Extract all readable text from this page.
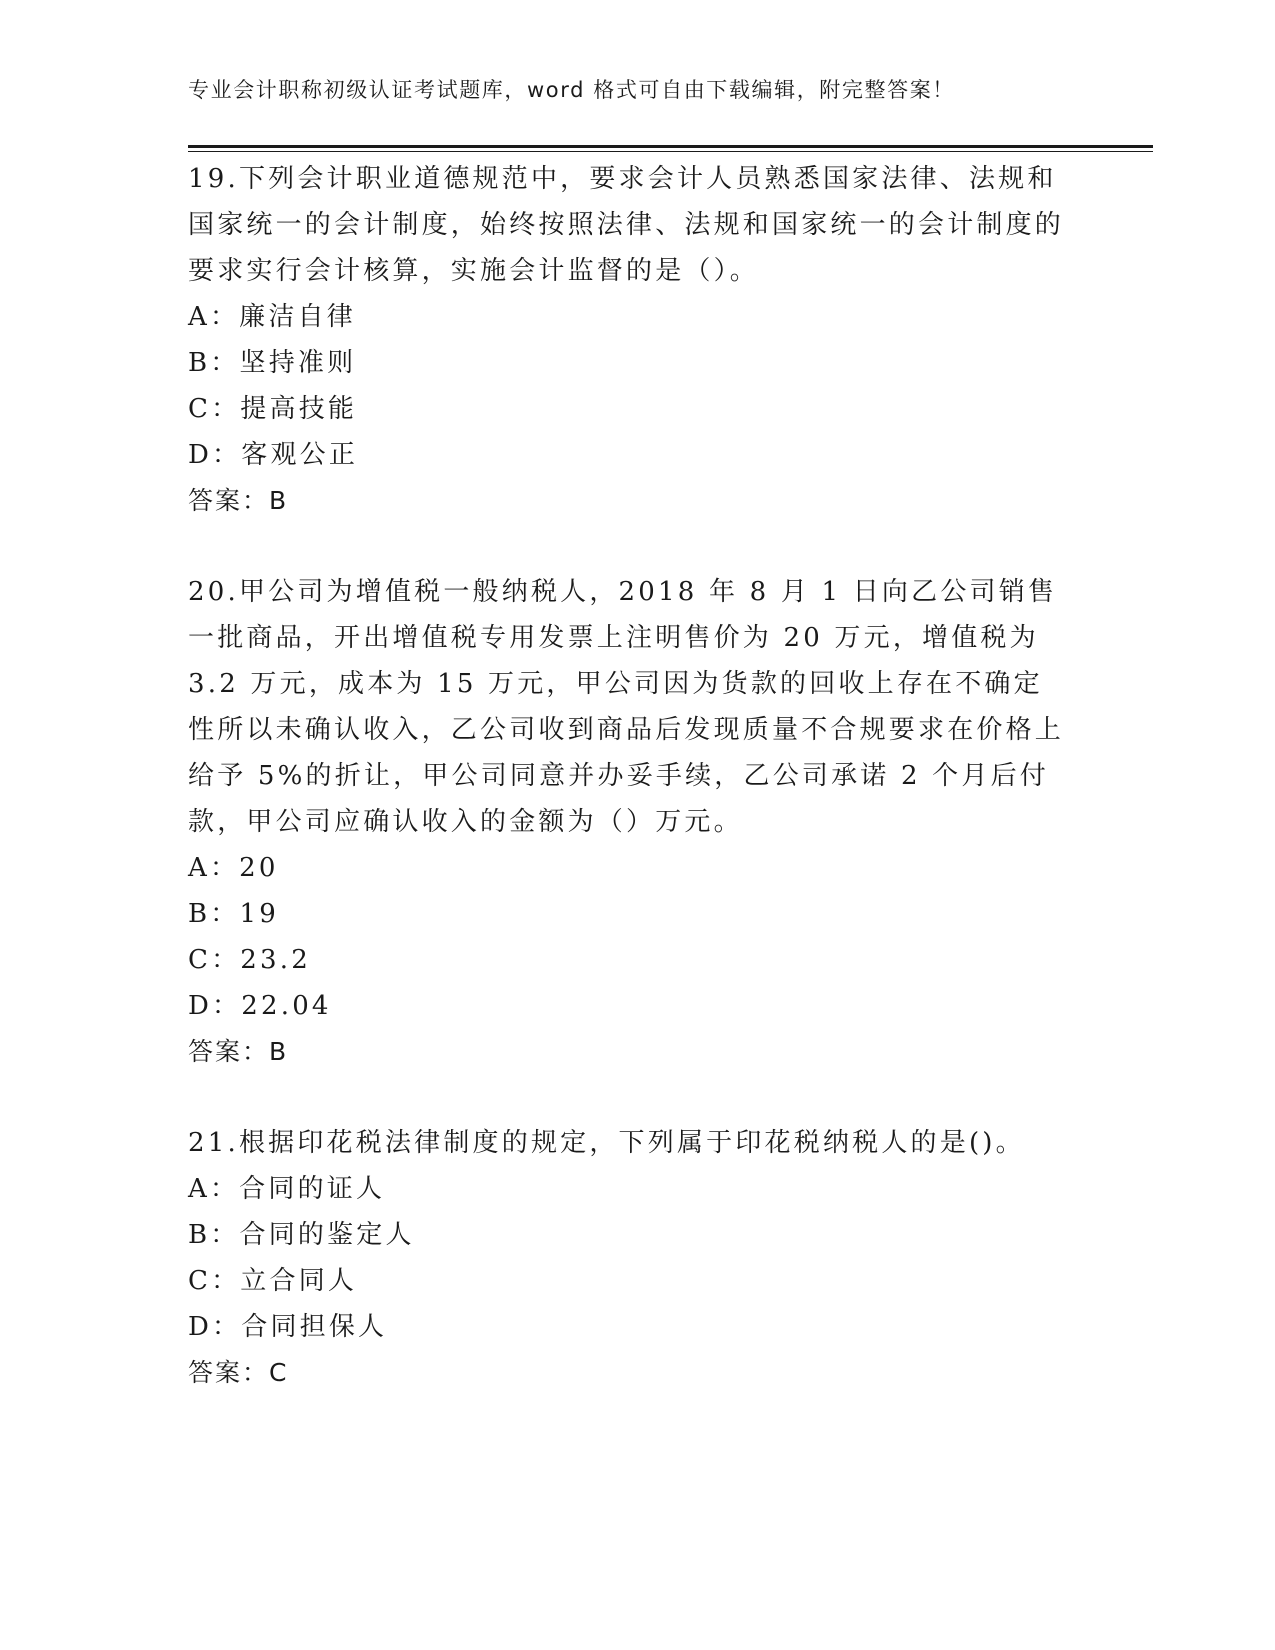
专业会计职称初级认证考试题库，word 格式可自由下载编辑，附完整答案！

19.下列会计职业道德规范中，要求会计人员熟悉国家法律、法规和国家统一的会计制度，始终按照法律、法规和国家统一的会计制度的要求实行会计核算，实施会计监督的是（）。

A：廉洁自律

B：坚持准则

C：提高技能

D：客观公正

答案：B

20.甲公司为增值税一般纳税人，2018 年 8 月 1 日向乙公司销售一批商品，开出增值税专用发票上注明售价为 20 万元，增值税为 3.2 万元，成本为 15 万元，甲公司因为货款的回收上存在不确定性所以未确认收入，乙公司收到商品后发现质量不合规要求在价格上给予 5%的折让，甲公司同意并办妥手续，乙公司承诺 2 个月后付款，甲公司应确认收入的金额为（）万元。

A：20

B：19

C：23.2

D：22.04

答案：B

21.根据印花税法律制度的规定，下列属于印花税纳税人的是()。

A：合同的证人

B：合同的鉴定人

C：立合同人

D：合同担保人

答案：C
